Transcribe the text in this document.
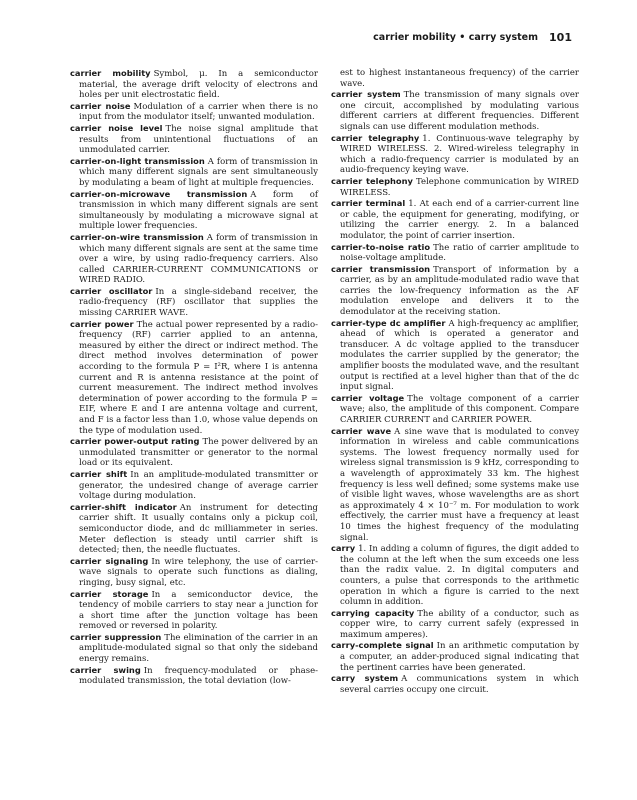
carrier mobility • carry system 101

carrier mobility Symbol, μ. In a semiconductor material, the average drift velocity of electrons and holes per unit electrostatic field.

carrier noise Modulation of a carrier when there is no input from the modulator itself; unwanted modulation.

carrier noise level The noise signal amplitude that results from unintentional fluctuations of an unmodulated carrier.

carrier-on-light transmission A form of transmission in which many different signals are sent simultaneously by modulating a beam of light at multiple frequencies.

carrier-on-microwave transmission A form of transmission in which many different signals are sent simultaneously by modulating a microwave signal at multiple lower frequencies.

carrier-on-wire transmission A form of transmission in which many different signals are sent at the same time over a wire, by using radio-frequency carriers. Also called CARRIER-CURRENT COMMUNICATIONS or WIRED RADIO.

carrier oscillator In a single-sideband receiver, the radio-frequency (RF) oscillator that supplies the missing CARRIER WAVE.

carrier power The actual power represented by a radio-frequency (RF) carrier applied to an antenna, measured by either the direct or indirect method. The direct method involves determination of power according to the formula P = I²R, where I is antenna current and R is antenna resistance at the point of current measurement. The indirect method involves determination of power according to the formula P = EIF, where E and I are antenna voltage and current, and F is a factor less than 1.0, whose value depends on the type of modulation used.

carrier power-output rating The power delivered by an unmodulated transmitter or generator to the normal load or its equivalent.

carrier shift In an amplitude-modulated transmitter or generator, the undesired change of average carrier voltage during modulation.

carrier-shift indicator An instrument for detecting carrier shift. It usually contains only a pickup coil, semiconductor diode, and dc milliammeter in series. Meter deflection is steady until carrier shift is detected; then, the needle fluctuates.

carrier signaling In wire telephony, the use of carrier-wave signals to operate such functions as dialing, ringing, busy signal, etc.

carrier storage In a semiconductor device, the tendency of mobile carriers to stay near a junction for a short time after the junction voltage has been removed or reversed in polarity.

carrier suppression The elimination of the carrier in an amplitude-modulated signal so that only the sideband energy remains.

carrier swing In frequency-modulated or phase-modulated transmission, the total deviation (low-

est to highest instantaneous frequency) of the carrier wave.

carrier system The transmission of many signals over one circuit, accomplished by modulating various different carriers at different frequencies. Different signals can use different modulation methods.

carrier telegraphy 1. Continuous-wave telegraphy by WIRED WIRELESS. 2. Wired-wireless telegraphy in which a radio-frequency carrier is modulated by an audio-frequency keying wave.

carrier telephony Telephone communication by WIRED WIRELESS.

carrier terminal 1. At each end of a carrier-current line or cable, the equipment for generating, modifying, or utilizing the carrier energy. 2. In a balanced modulator, the point of carrier insertion.

carrier-to-noise ratio The ratio of carrier amplitude to noise-voltage amplitude.

carrier transmission Transport of information by a carrier, as by an amplitude-modulated radio wave that carries the low-frequency information as the AF modulation envelope and delivers it to the demodulator at the receiving station.

carrier-type dc amplifier A high-frequency ac amplifier, ahead of which is operated a generator and transducer. A dc voltage applied to the transducer modulates the carrier supplied by the generator; the amplifier boosts the modulated wave, and the resultant output is rectified at a level higher than that of the dc input signal.

carrier voltage The voltage component of a carrier wave; also, the amplitude of this component. Compare CARRIER CURRENT and CARRIER POWER.

carrier wave A sine wave that is modulated to convey information in wireless and cable communications systems. The lowest frequency normally used for wireless signal transmission is 9 kHz, corresponding to a wavelength of approximately 33 km. The highest frequency is less well defined; some systems make use of visible light waves, whose wavelengths are as short as approximately 4 × 10⁻⁷ m. For modulation to work effectively, the carrier must have a frequency at least 10 times the highest frequency of the modulating signal.

carry 1. In adding a column of figures, the digit added to the column at the left when the sum exceeds one less than the radix value. 2. In digital computers and counters, a pulse that corresponds to the arithmetic operation in which a figure is carried to the next column in addition.

carrying capacity The ability of a conductor, such as copper wire, to carry current safely (expressed in maximum amperes).

carry-complete signal In an arithmetic computation by a computer, an adder-produced signal indicating that the pertinent carries have been generated.

carry system A communications system in which several carries occupy one circuit.
